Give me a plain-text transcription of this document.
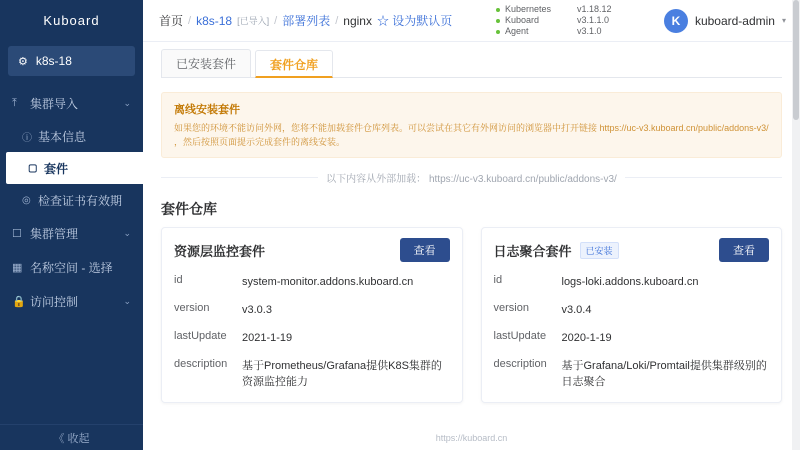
Kuboard
⚙ k8s-18
⤒	集群导入	⌄
ⓘ 基本信息
▢ 套件
◎ 检查证书有效期
☐ 集群管理	⌄
▦ 名称空间 - 选择
🔒 访问控制	⌄
《 收起
首页 / k8s-18 [已导入] / 部署列表 / nginx ☆ 设为默认页
Kubernetes	v1.18.12
Kuboard	v3.1.1.0
Agent	v3.1.0
K	kuboard-admin ▾
已安装套件	套件仓库
离线安装套件
如果您的环境不能访问外网，您将不能加载套件仓库列表。可以尝试在其它有外网访问的浏览器中打开链接 https://uc-v3.kuboard.cn/public/addons-v3/ ，然后按照页面提示完成套件的离线安装。
以下内容从外部加载： https://uc-v3.kuboard.cn/public/addons-v3/
套件仓库
资源层监控套件	查看
id	system-monitor.addons.kuboard.cn
version	v3.0.3
lastUpdate	2021-1-19
description	基于Prometheus/Grafana提供K8S集群的资源监控能力
日志聚合套件	已安装	查看
id	logs-loki.addons.kuboard.cn
version	v3.0.4
lastUpdate	2020-1-19
description	基于Grafana/Loki/Promtail提供集群级别的日志聚合
https://kuboard.cn
